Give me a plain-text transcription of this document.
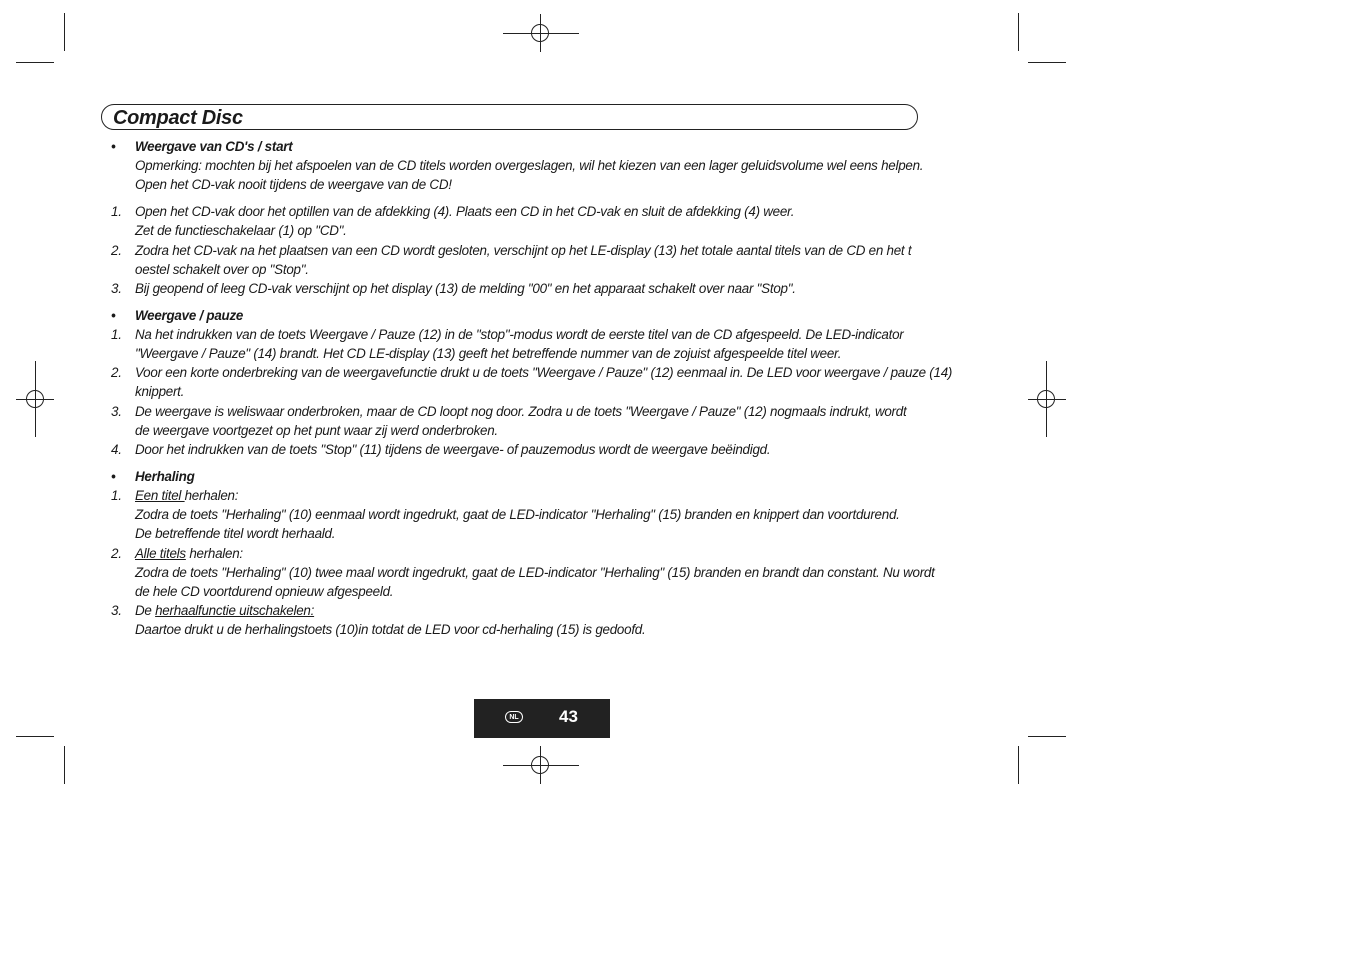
Compact Disc
•	Weergave van CD's / start
Opmerking: mochten bij het afspoelen van de CD titels worden overgeslagen, wil het kiezen van een lager geluidsvolume wel eens helpen.
Open het CD-vak nooit tijdens de weergave van de CD!
1. Open het CD-vak door het optillen van de afdekking (4). Plaats een CD in het CD-vak en sluit de afdekking (4) weer.
Zet de functieschakelaar (1) op "CD".
2. Zodra het CD-vak na het plaatsen van een CD wordt gesloten, verschijnt op het LE-display (13) het totale aantal titels van de CD en het t
oestel schakelt over op "Stop".
3. Bij geopend of leeg CD-vak verschijnt op het display (13) de melding "00" en het apparaat schakelt over naar "Stop".
•	Weergave / pauze
1. Na het indrukken van de toets Weergave / Pauze (12) in de "stop"-modus wordt de eerste titel van de CD afgespeeld. De LED-indicator
"Weergave / Pauze" (14) brandt. Het CD LE-display (13) geeft het betreffende nummer van de zojuist afgespeelde titel weer.
2. Voor een korte onderbreking van de weergavefunctie drukt u de toets "Weergave / Pauze" (12) eenmaal in. De LED voor weergave / pauze (14)
knippert.
3. De weergave is weliswaar onderbroken, maar de CD loopt nog door. Zodra u de toets "Weergave / Pauze" (12) nogmaals indrukt, wordt
de weergave voortgezet op het punt waar zij werd onderbroken.
4. Door het indrukken van de toets "Stop" (11) tijdens de weergave- of pauzemodus wordt de weergave beëindigd.
•	Herhaling
1. Een titel herhalen:
Zodra de toets "Herhaling" (10) eenmaal wordt ingedrukt, gaat de LED-indicator "Herhaling" (15) branden en knippert dan voortdurend.
De betreffende titel wordt herhaald.
2. Alle titels herhalen:
Zodra de toets "Herhaling" (10) twee maal wordt ingedrukt, gaat de LED-indicator "Herhaling" (15) branden en brandt dan constant. Nu wordt
de hele CD voortdurend opnieuw afgespeeld.
3. De herhaalfunctie uitschakelen:
Daartoe drukt u de herhalingstoets (10)in totdat de LED voor cd-herhaling (15) is gedoofd.
NL 43
